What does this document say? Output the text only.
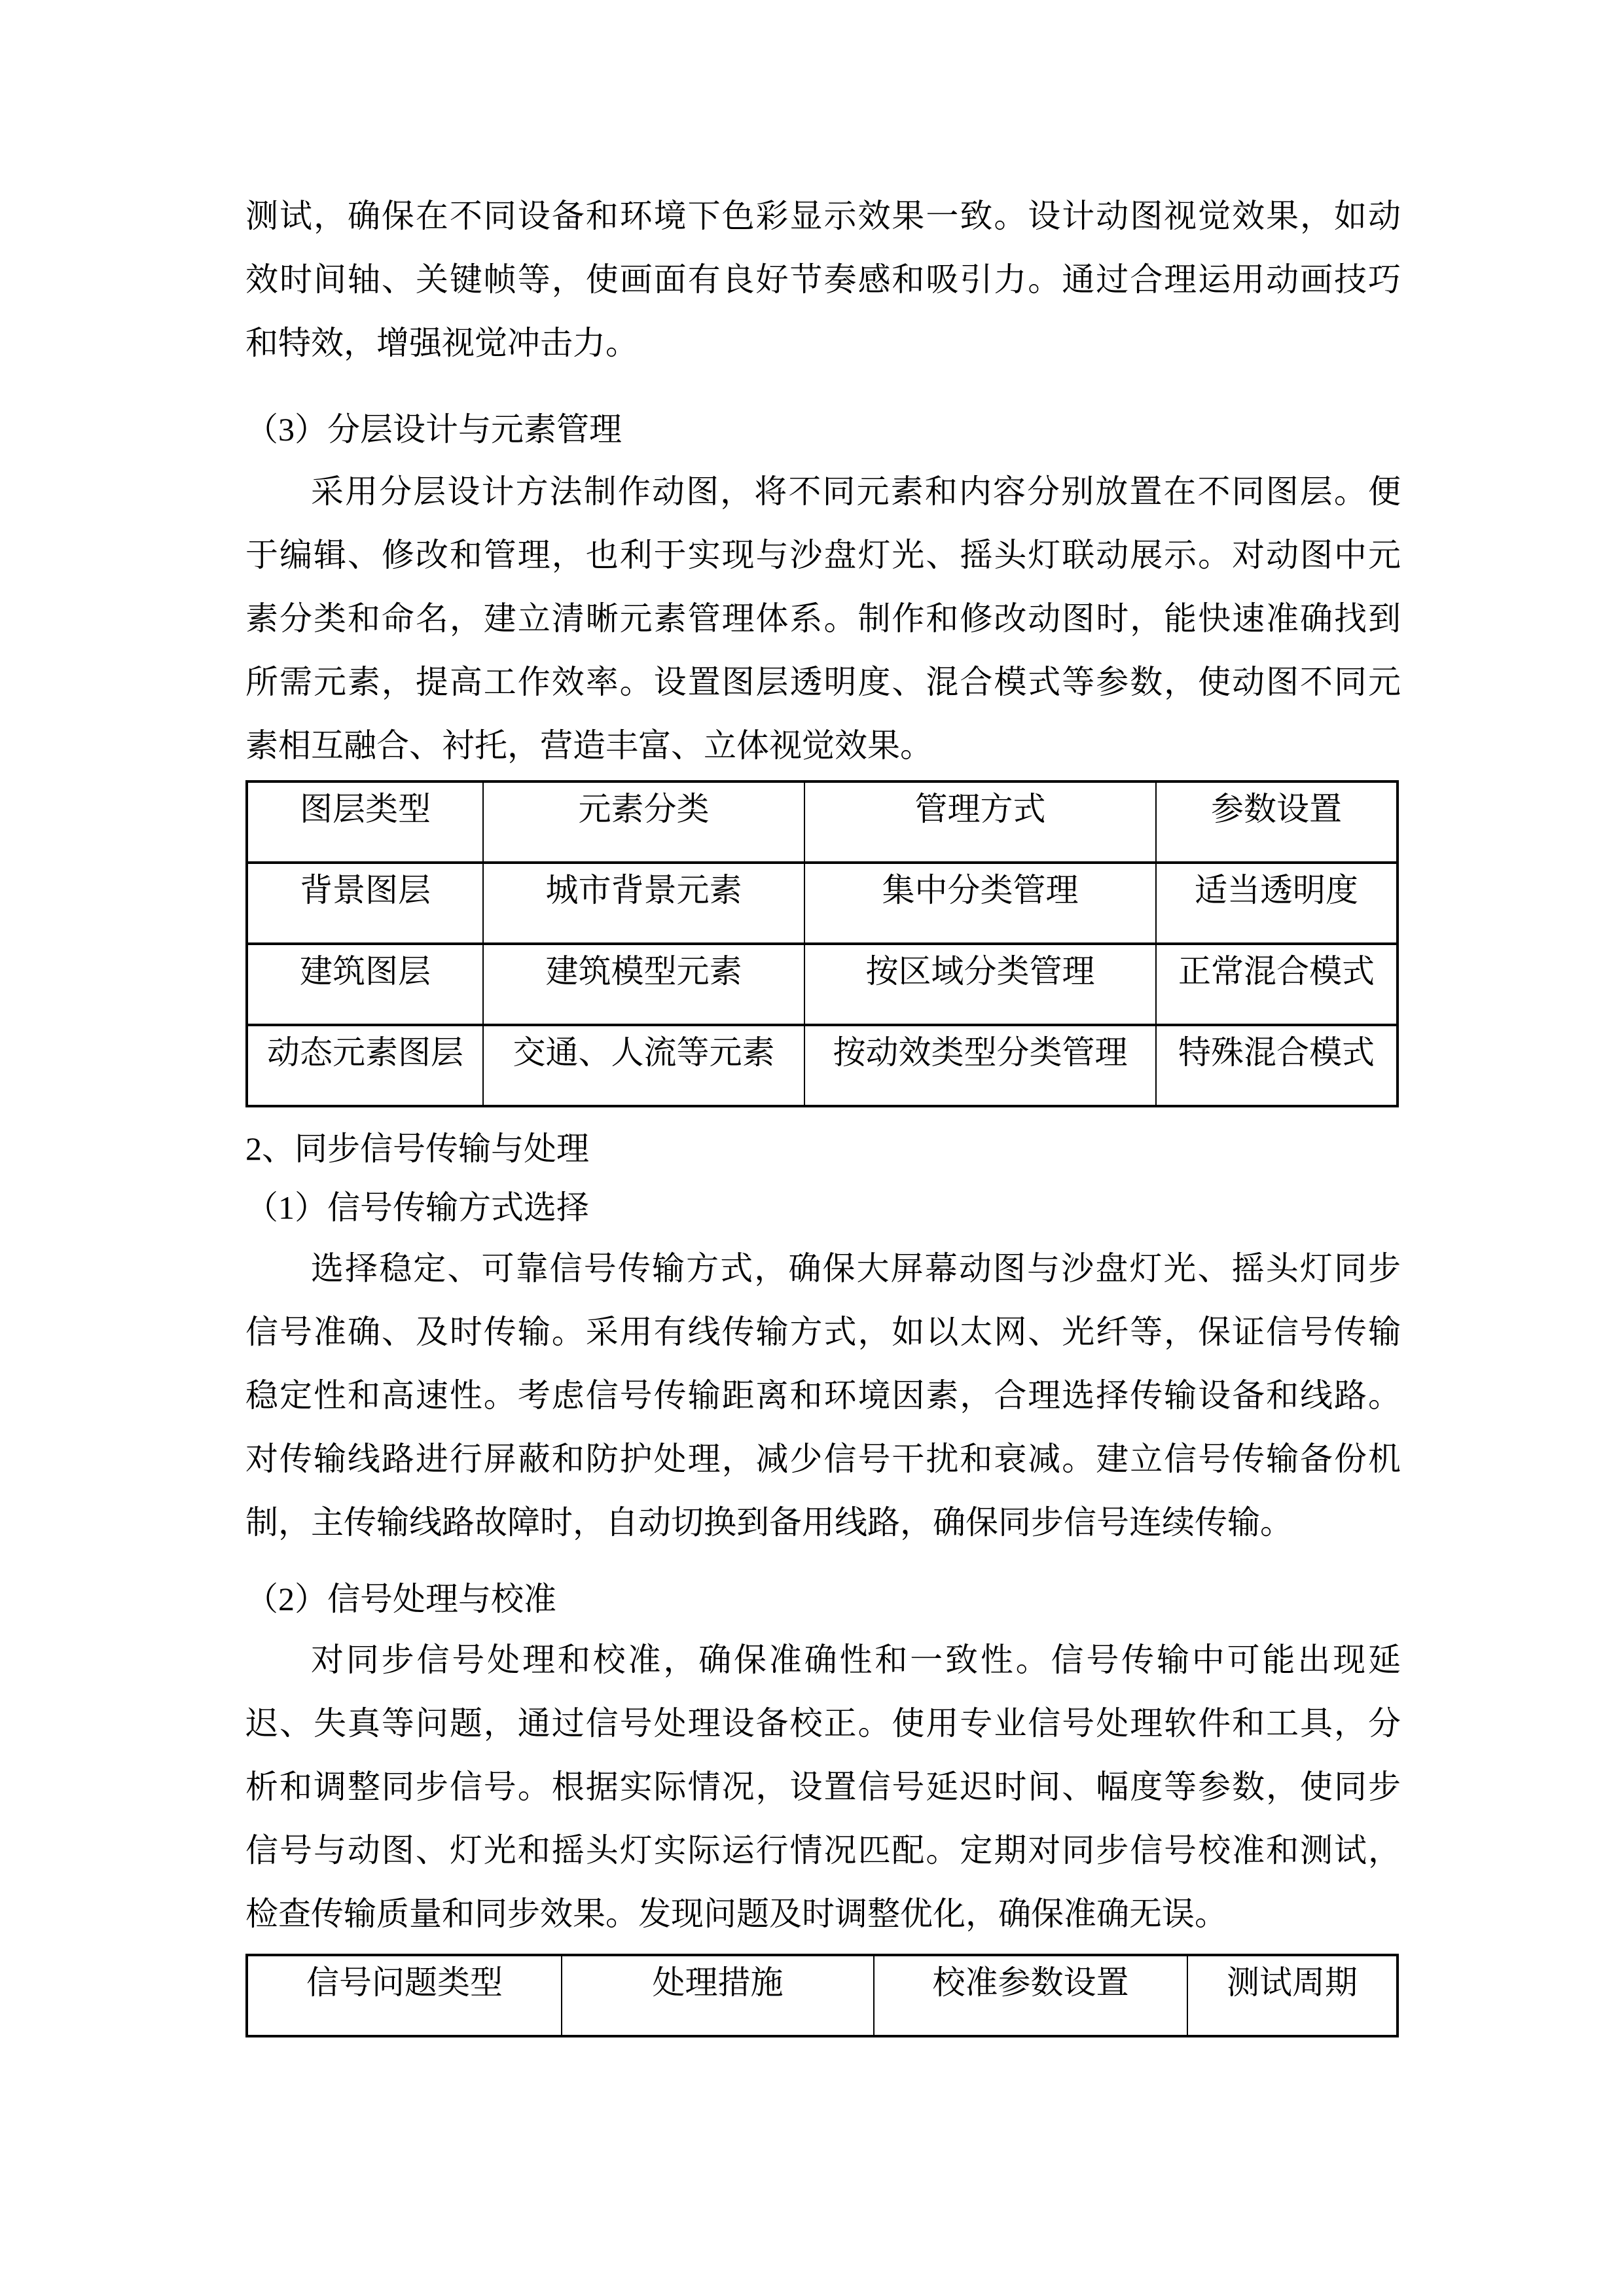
测试，确保在不同设备和环境下色彩显示效果一致。设计动图视觉效果，如动
效时间轴、关键帧等，使画面有良好节奏感和吸引力。通过合理运用动画技巧
和特效，增强视觉冲击力。
（3）分层设计与元素管理
采用分层设计方法制作动图，将不同元素和内容分别放置在不同图层。便
于编辑、修改和管理，也利于实现与沙盘灯光、摇头灯联动展示。对动图中元
素分类和命名，建立清晰元素管理体系。制作和修改动图时，能快速准确找到
所需元素，提高工作效率。设置图层透明度、混合模式等参数，使动图不同元
素相互融合、衬托，营造丰富、立体视觉效果。
图层类型	元素分类	管理方式	参数设置
背景图层	城市背景元素	集中分类管理	适当透明度
建筑图层	建筑模型元素	按区域分类管理	正常混合模式
动态元素图层	交通、人流等元素	按动效类型分类管理	特殊混合模式
2、同步信号传输与处理
（1）信号传输方式选择
选择稳定、可靠信号传输方式，确保大屏幕动图与沙盘灯光、摇头灯同步
信号准确、及时传输。采用有线传输方式，如以太网、光纤等，保证信号传输
稳定性和高速性。考虑信号传输距离和环境因素，合理选择传输设备和线路。
对传输线路进行屏蔽和防护处理，减少信号干扰和衰减。建立信号传输备份机
制，主传输线路故障时，自动切换到备用线路，确保同步信号连续传输。
（2）信号处理与校准
对同步信号处理和校准，确保准确性和一致性。信号传输中可能出现延
迟、失真等问题，通过信号处理设备校正。使用专业信号处理软件和工具，分
析和调整同步信号。根据实际情况，设置信号延迟时间、幅度等参数，使同步
信号与动图、灯光和摇头灯实际运行情况匹配。定期对同步信号校准和测试，
检查传输质量和同步效果。发现问题及时调整优化，确保准确无误。
信号问题类型	处理措施	校准参数设置	测试周期
